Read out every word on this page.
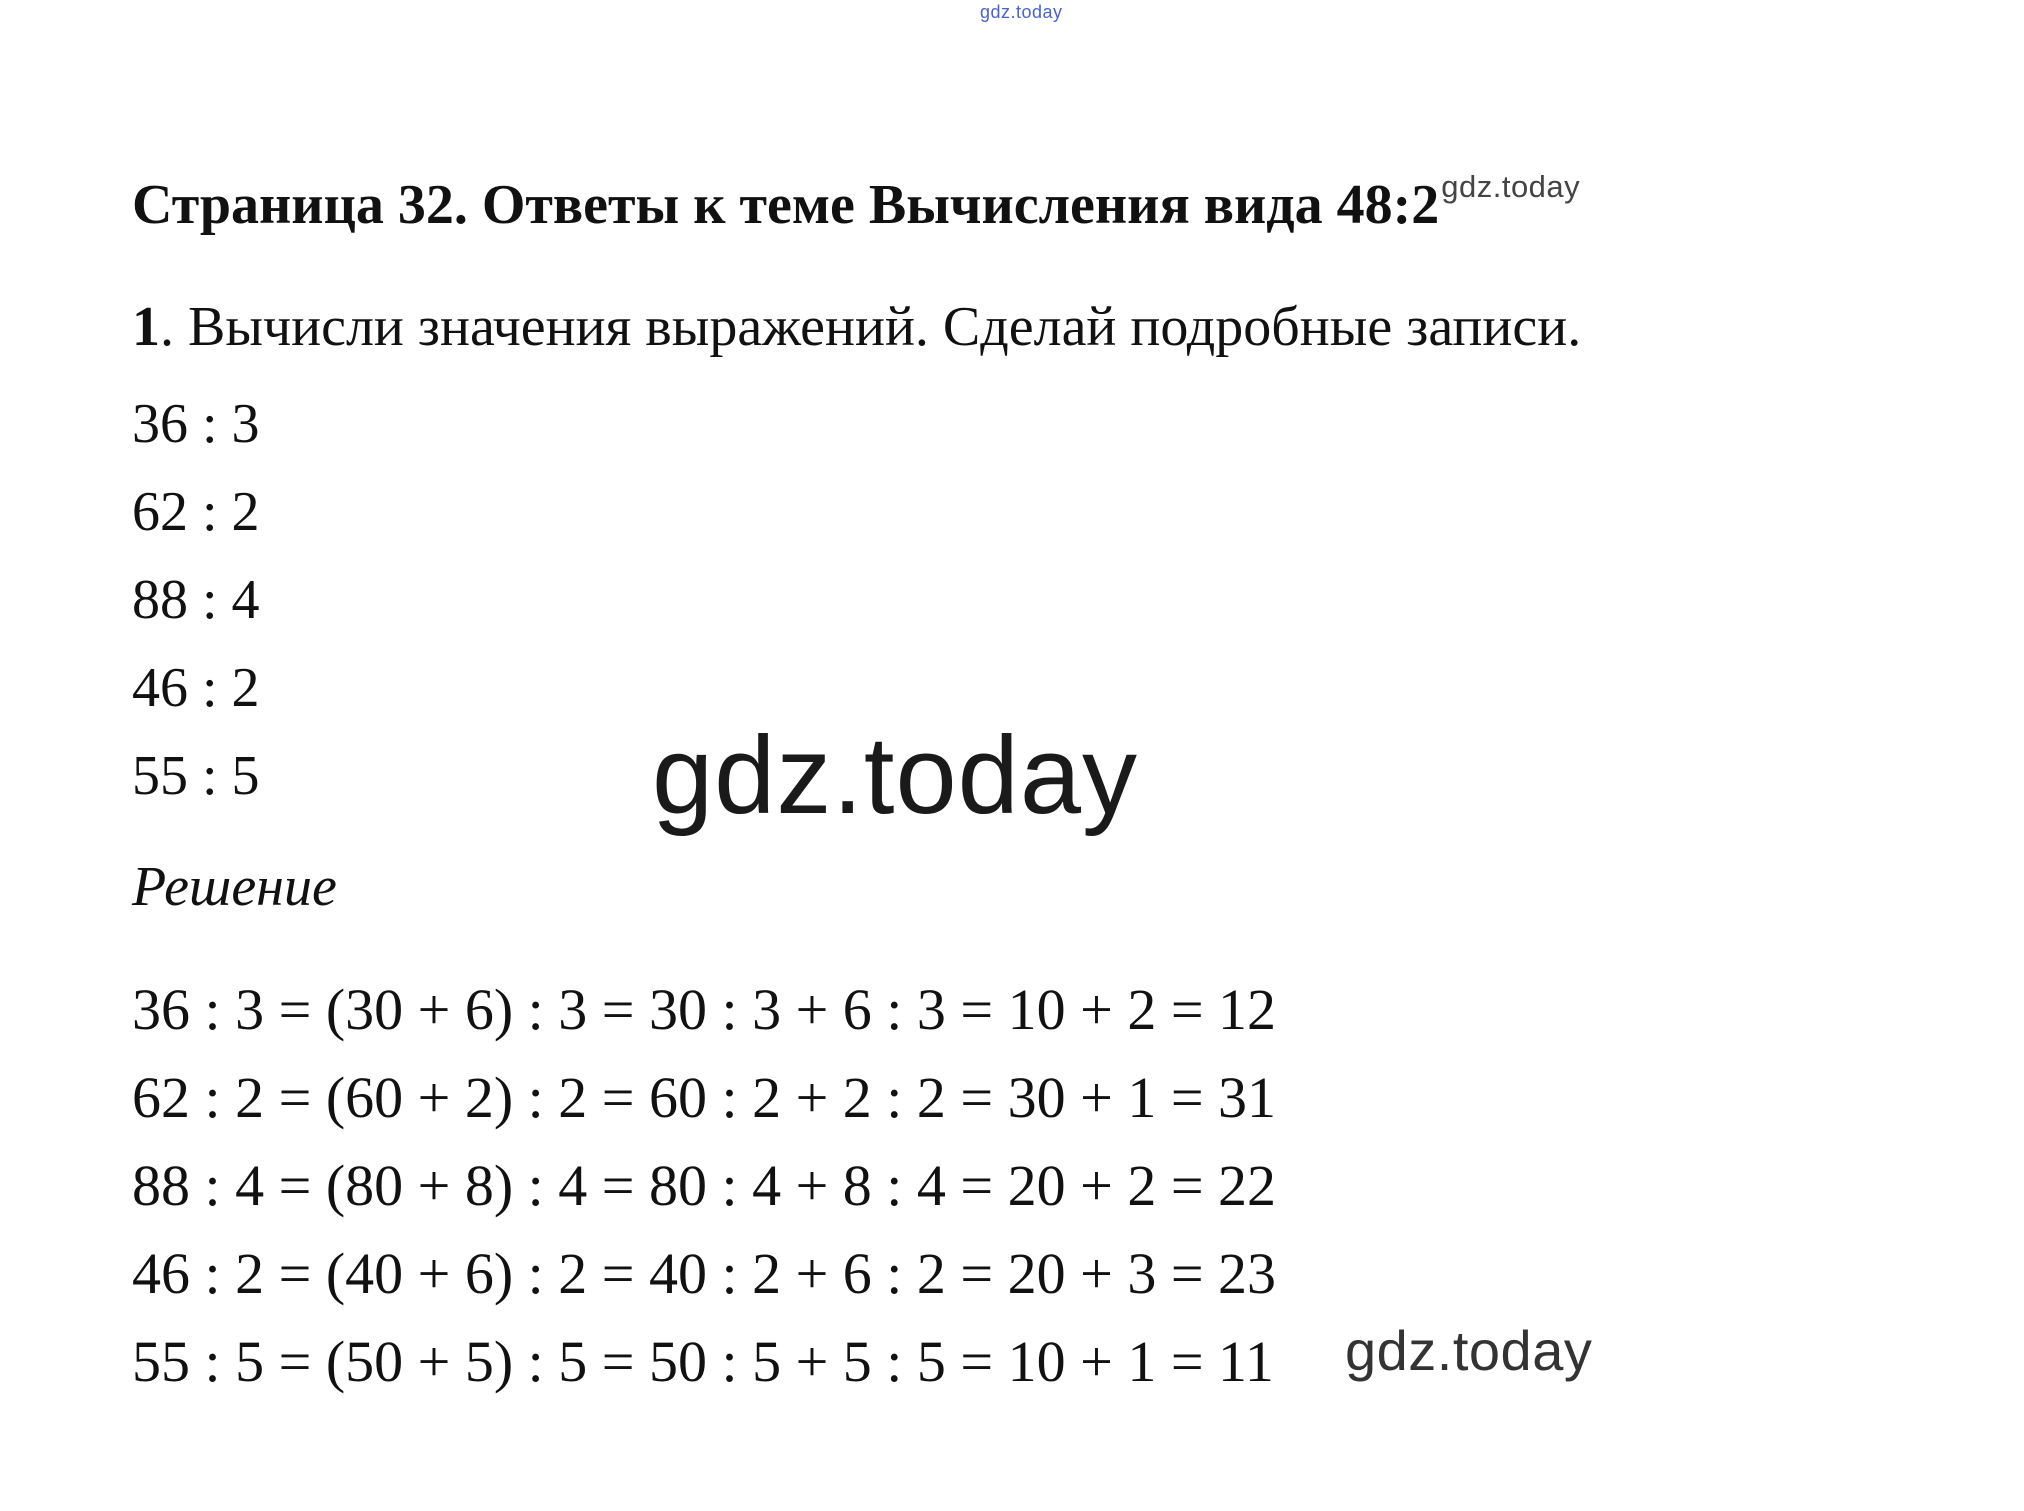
gdz.today
Страница 32. Ответы к теме Вычисления вида $48:2^{gdz.today}$
1. Вычисли значения выражений. Сделай подробные записи.
36 : 3
62 : 2
88 : 4
46 : 2
55 : 5	gdz.today
Решение
36 : 3 = (30 + 6) : 3 = 30 : 3 + 6 : 3 = 10 + 2 = 12
62 : 2 = (60 + 2) : 2 = 60 : 2 + 2 : 2 = 30 + 1 = 31
88 : 4 = (80 + 8) : 4 = 80 : 4 + 8 : 4 = 20 + 2 = 22
46 : 2 = (40 + 6) : 2 = 40 : 2 + 6 : 2 = 20 + 3 = 23
55 : 5 = (50 + 5) : 5 = 50 : 5 + 5 : 5 = 10 + 1 = 11 gdz.today
